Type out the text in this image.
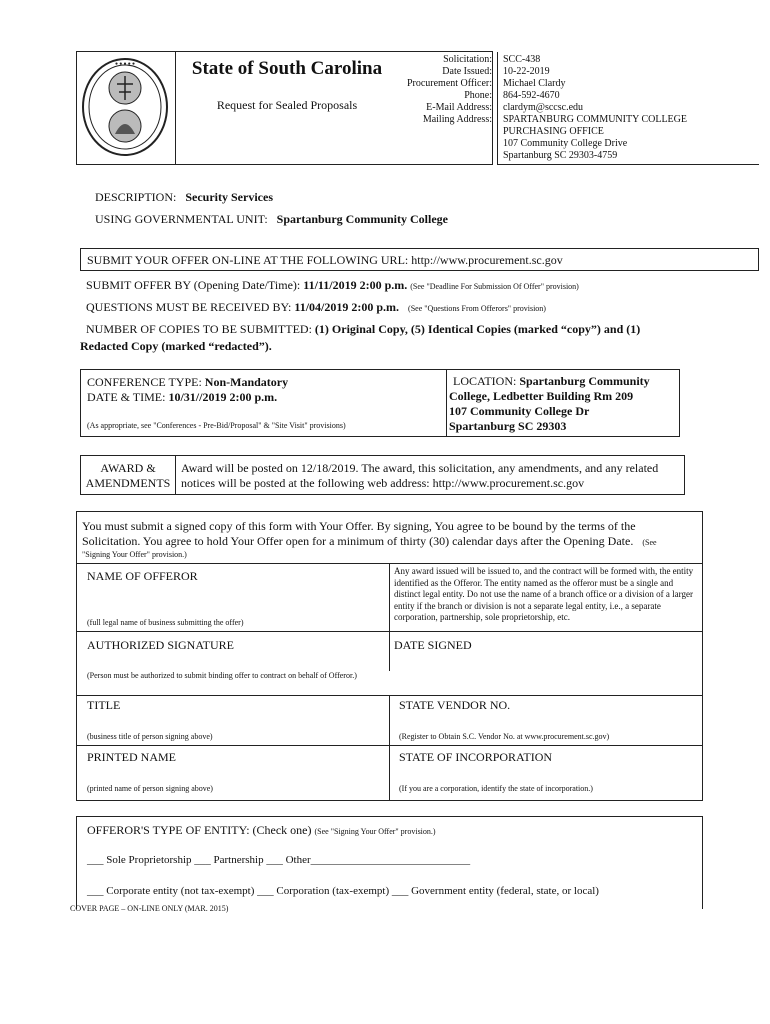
● ● ● ● ●	State of South Carolina
Request for Sealed Proposals
Solicitation:
Date Issued:
Procurement Officer:
Phone:
E-Mail Address:
Mailing Address:
SCC-438
10-22-2019
Michael Clardy
864-592-4670
clardym@sccsc.edu
SPARTANBURG COMMUNITY COLLEGE
PURCHASING OFFICE
107 Community College Drive
Spartanburg SC 29303-4759
DESCRIPTION: Security Services
USING GOVERNMENTAL UNIT: Spartanburg Community College
SUBMIT YOUR OFFER ON-LINE AT THE FOLLOWING URL: http://www.procurement.sc.gov
SUBMIT OFFER BY (Opening Date/Time): 11/11/2019 2:00 p.m. (See "Deadline For Submission Of Offer" provision)
QUESTIONS MUST BE RECEIVED BY: 11/04/2019 2:00 p.m. (See "Questions From Offerors" provision)
NUMBER OF COPIES TO BE SUBMITTED: (1) Original Copy, (5) Identical Copies (marked “copy”) and (1)
Redacted Copy (marked “redacted”).
CONFERENCE TYPE: Non-Mandatory
DATE & TIME: 10/31//2019 2:00 p.m.
(As appropriate, see "Conferences - Pre-Bid/Proposal" & "Site Visit" provisions)
LOCATION: Spartanburg Community
College, Ledbetter Building Rm 209
107 Community College Dr
Spartanburg SC 29303
AWARD &
AMENDMENTS
Award will be posted on 12/18/2019. The award, this solicitation, any amendments, and any related
notices will be posted at the following web address: http://www.procurement.sc.gov
You must submit a signed copy of this form with Your Offer. By signing, You agree to be bound by the terms of the
Solicitation. You agree to hold Your Offer open for a minimum of thirty (30) calendar days after the Opening Date. (See
"Signing Your Offer" provision.)
NAME OF OFFEROR
(full legal name of business submitting the offer)
Any award issued will be issued to, and the contract will be formed with, the entity identified as the Offeror. The entity named as the offeror must be a single and distinct legal entity. Do not use the name of a branch office or a division of a larger entity if the branch or division is not a separate legal entity, i.e., a separate corporation, partnership, sole proprietorship, etc.
AUTHORIZED SIGNATURE	DATE SIGNED
(Person must be authorized to submit binding offer to contract on behalf of Offeror.)
TITLE
(business title of person signing above)
STATE VENDOR NO.
(Register to Obtain S.C. Vendor No. at www.procurement.sc.gov)
PRINTED NAME
(printed name of person signing above)
STATE OF INCORPORATION
(If you are a corporation, identify the state of incorporation.)
OFFEROR'S TYPE OF ENTITY: (Check one) (See "Signing Your Offer" provision.)
___ Sole Proprietorship ___ Partnership ___ Other_____________________________
___ Corporate entity (not tax-exempt) ___ Corporation (tax-exempt) ___ Government entity (federal, state, or local)
COVER PAGE – ON-LINE ONLY (MAR. 2015)
